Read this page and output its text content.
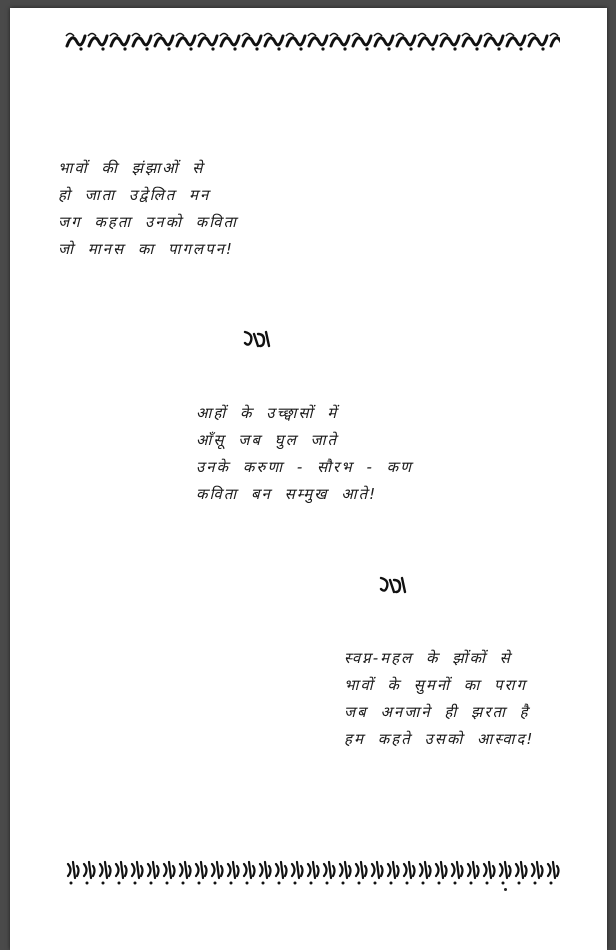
भावों की झंझाओं से
हो जाता उद्वेलित मन
जग कहता उनको कविता
जो मानस का पागलपन!
आहों के उच्छ्वासों में
आँसू जब घुल जाते
उनके करुणा - सौरभ - कण
कविता बन सम्मुख आते!
स्वप्न-महल के झोंकों से
भावों के सुमनों का पराग
जब अनजाने ही झरता है
हम कहते उसको आस्वाद!
